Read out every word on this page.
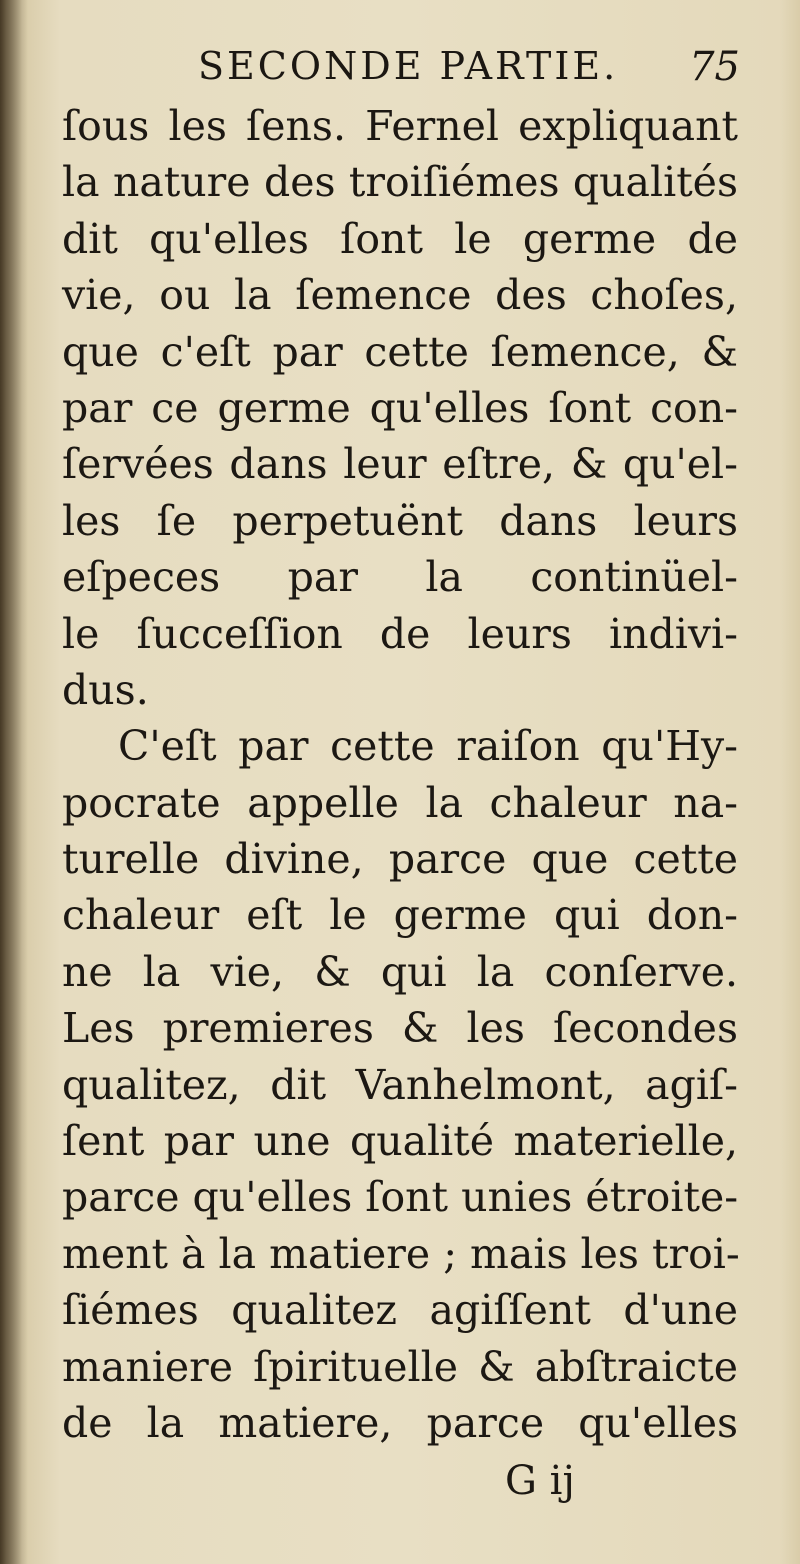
SECONDE PARTIE. 75
ſous les ſens. Fernel expliquant
la nature des troiſiémes qualités
dit qu'elles ſont le germe de
vie, ou la ſemence des choſes,
que c'eſt par cette ſemence, &
par ce germe qu'elles ſont con-
ſervées dans leur eſtre, & qu'el-
les ſe perpetuënt dans leurs
eſpeces par la continüel-
le ſucceſſion de leurs indivi-
dus.
C'eſt par cette raiſon qu'Hy-
pocrate appelle la chaleur na-
turelle divine, parce que cette
chaleur eſt le germe qui don-
ne la vie, & qui la conſerve.
Les premieres & les ſecondes
qualitez, dit Vanhelmont, agiſ-
ſent par une qualité materielle,
parce qu'elles ſont unies étroite-
ment à la matiere ; mais les troi-
ſiémes qualitez agiſſent d'une
maniere ſpirituelle & abſtraicte
de la matiere, parce qu'elles
G ij
